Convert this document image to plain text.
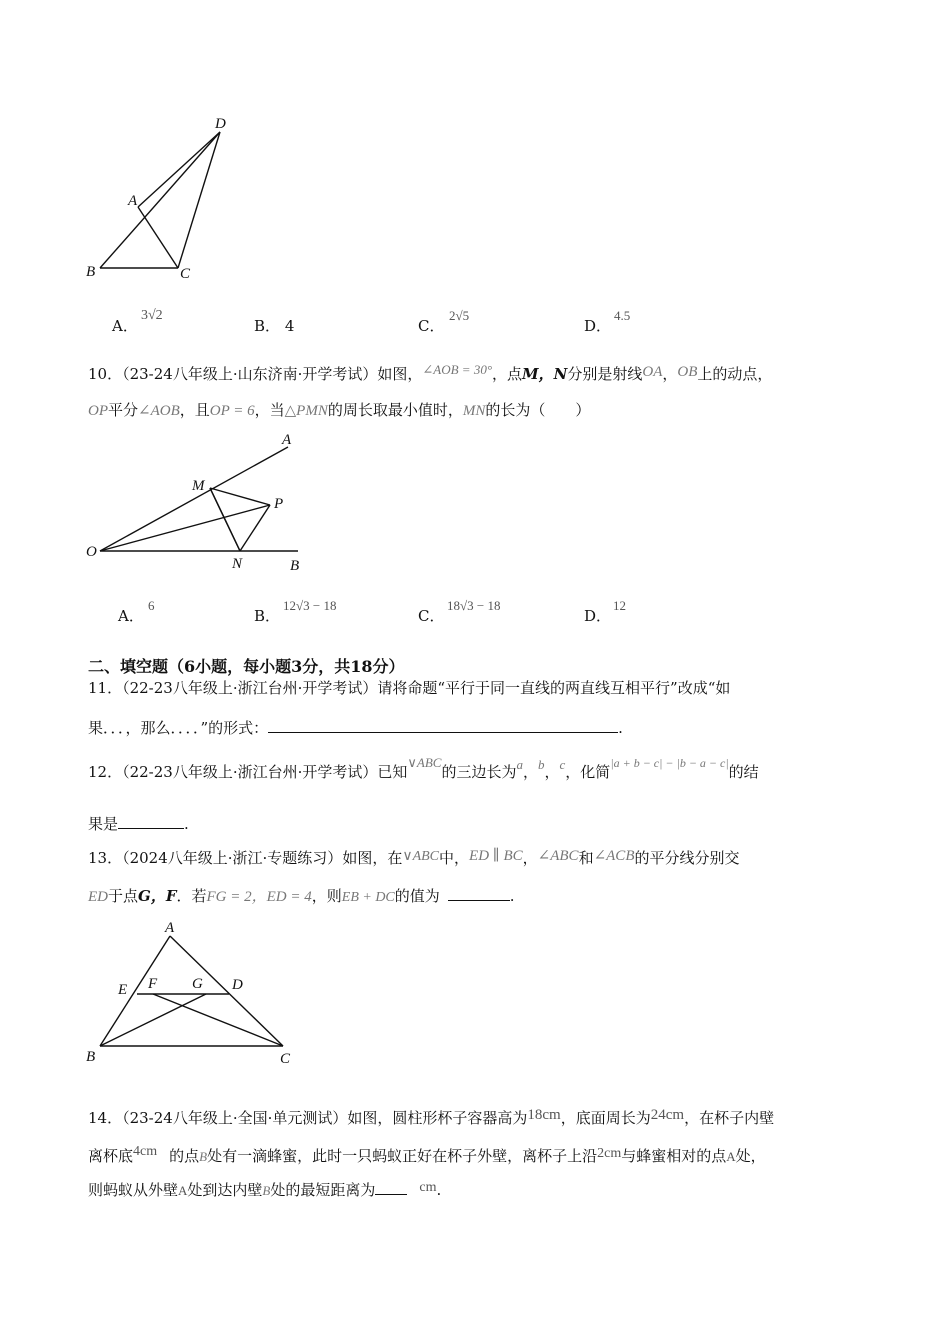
D
A
B	C
A．
3√2
B． 4	C．
2√5
D．
4.5
10．（23-24八年级上·山东济南·开学考试）如图，∠AOB = 30°，点M，N分别是射线OA，OB上的动点，
OP平分∠AOB，且OP = 6，当△PMN的周长取最小值时，MN的长为（　　）
A
M
P
O
N	B
A．
6
B．
12√3 − 18
C．
18√3 − 18
D．
12
二、填空题（6小题，每小题3分，共18分）
11．（22-23八年级上·浙江台州·开学考试）请将命题“平行于同一直线的两直线互相平行”改成“如
果．．．，那么．．．．”的形式：	.
12．（22-23八年级上·浙江台州·开学考试）已知∨ABC的三边长为a，b，c，化简$^{|a + b - c| - |b - a - c|}$的结
果是	.
13．（2024八年级上·浙江·专题练习）如图，在∨ABC中，ED ∥ BC，∠ABC和∠ACB的平分线分别交
ED于点G，F．若FG = 2，ED = 4，则EB + DC的值为	.
A
E F G D
B	C
14．（23-24八年级上·全国·单元测试）如图，圆柱形杯子容器高为18cm，底面周长为24cm，在杯子内壁
离杯底4cm 的点B处有一滴蜂蜜，此时一只蚂蚁正好在杯子外壁，离杯子上沿2cm与蜂蜜相对的点A处，
则蚂蚁从外壁A处到达内壁B处的最短距离为	cm.
